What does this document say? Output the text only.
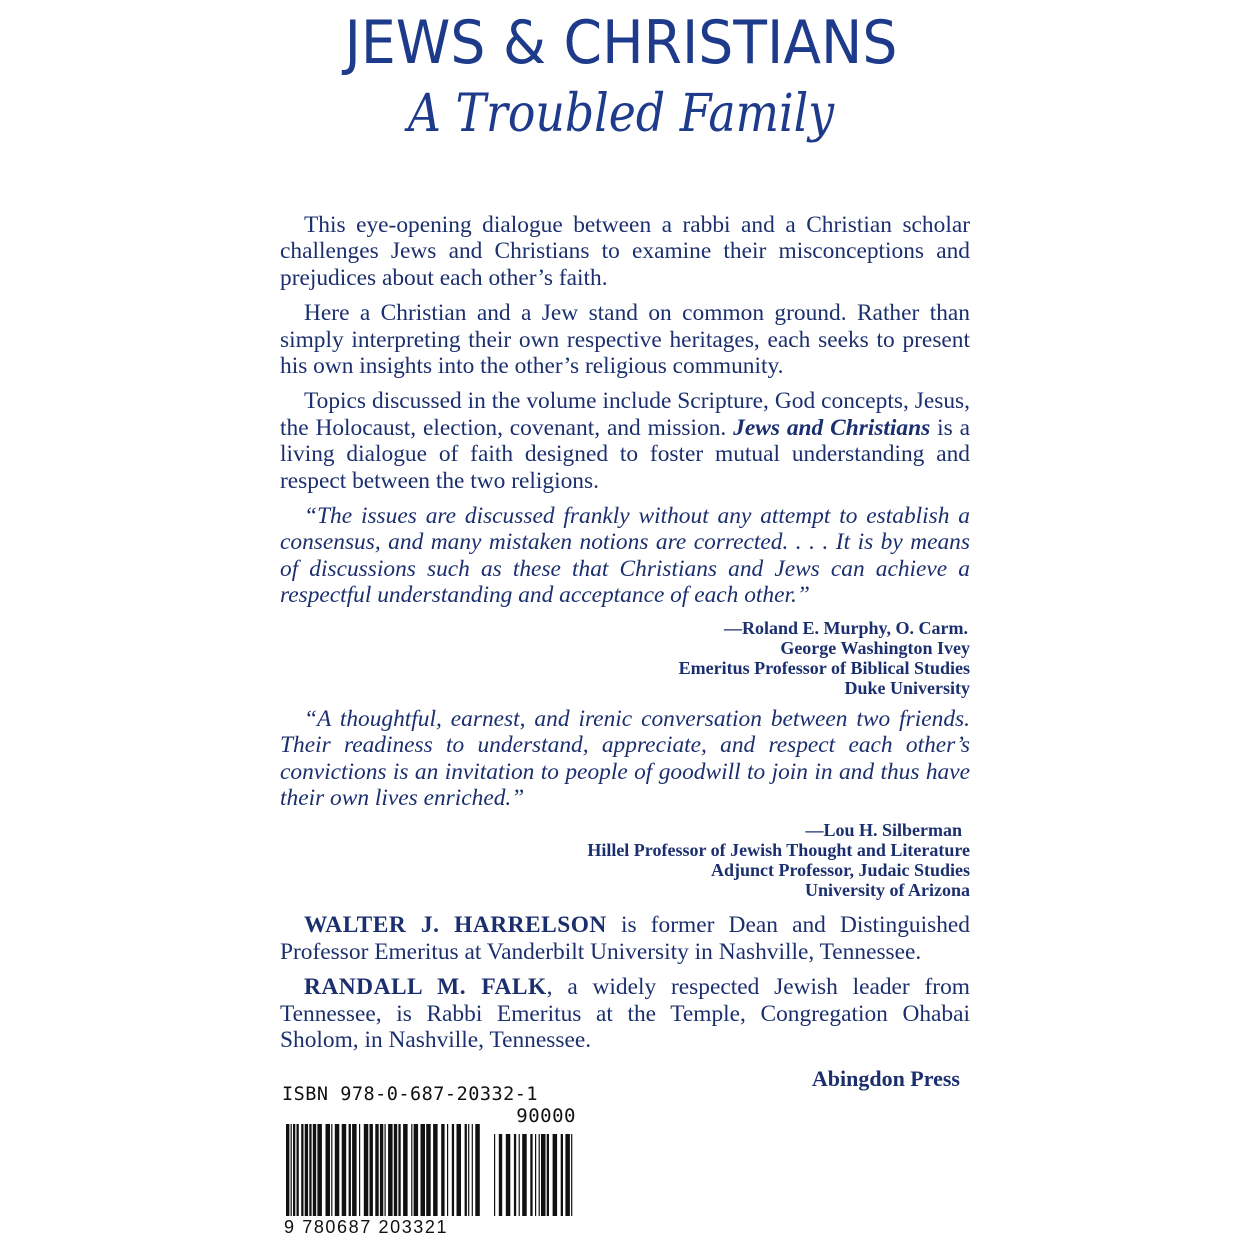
JEWS & CHRISTIANS
A Troubled Family

This eye-opening dialogue between a rabbi and a Christian scholar challenges Jews and Christians to examine their misconceptions and prejudices about each other’s faith.

Here a Christian and a Jew stand on common ground. Rather than simply interpreting their own respective heritages, each seeks to present his own insights into the other’s religious community.

Topics discussed in the volume include Scripture, God concepts, Jesus, the Holocaust, election, covenant, and mission. Jews and Christians is a living dialogue of faith designed to foster mutual understanding and respect between the two religions.

“The issues are discussed frankly without any attempt to establish a consensus, and many mistaken notions are corrected. . . . It is by means of discussions such as these that Christians and Jews can achieve a respectful understanding and acceptance of each other.”

—Roland E. Murphy, O. Carm.
George Washington Ivey
Emeritus Professor of Biblical Studies
Duke University

“A thoughtful, earnest, and irenic conversation between two friends. Their readiness to understand, appreciate, and respect each other’s convictions is an invitation to people of goodwill to join in and thus have their own lives enriched.”

—Lou H. Silberman
Hillel Professor of Jewish Thought and Literature
Adjunct Professor, Judaic Studies
University of Arizona

WALTER J. HARRELSON is former Dean and Distinguished Professor Emeritus at Vanderbilt University in Nashville, Tennessee.

RANDALL M. FALK, a widely respected Jewish leader from Tennessee, is Rabbi Emeritus at the Temple, Congregation Ohabai Sholom, in Nashville, Tennessee.

Abingdon Press
ISBN 978-0-687-20332-1
90000
9 780687 203321
